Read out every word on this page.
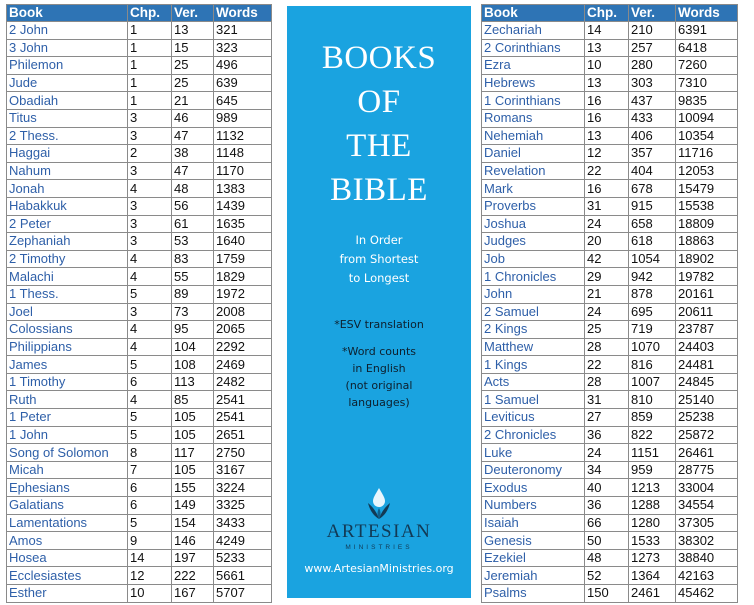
Book	Chp.	Ver.	Words
2 John	1	13	321
3 John	1	15	323
Philemon	1	25	496
Jude	1	25	639
Obadiah	1	21	645
Titus	3	46	989
2 Thess.	3	47	1132
Haggai	2	38	1148
Nahum	3	47	1170
Jonah	4	48	1383
Habakkuk	3	56	1439
2 Peter	3	61	1635
Zephaniah	3	53	1640
2 Timothy	4	83	1759
Malachi	4	55	1829
1 Thess.	5	89	1972
Joel	3	73	2008
Colossians	4	95	2065
Philippians	4	104	2292
James	5	108	2469
1 Timothy	6	113	2482
Ruth	4	85	2541
1 Peter	5	105	2541
1 John	5	105	2651
Song of Solomon	8	117	2750
Micah	7	105	3167
Ephesians	6	155	3224
Galatians	6	149	3325
Lamentations	5	154	3433
Amos	9	146	4249
Hosea	14	197	5233
Ecclesiastes	12	222	5661
Esther	10	167	5707
BOOKS
OF
THE
BIBLE
In Order
from Shortest
to Longest
*ESV translation
*Word counts
in English
(not original
languages)
ARTESIAN
MINISTRIES
www.ArtesianMinistries.org
Book	Chp.	Ver.	Words
Zechariah	14	210	6391
2 Corinthians	13	257	6418
Ezra	10	280	7260
Hebrews	13	303	7310
1 Corinthians	16	437	9835
Romans	16	433	10094
Nehemiah	13	406	10354
Daniel	12	357	11716
Revelation	22	404	12053
Mark	16	678	15479
Proverbs	31	915	15538
Joshua	24	658	18809
Judges	20	618	18863
Job	42	1054	18902
1 Chronicles	29	942	19782
John	21	878	20161
2 Samuel	24	695	20611
2 Kings	25	719	23787
Matthew	28	1070	24403
1 Kings	22	816	24481
Acts	28	1007	24845
1 Samuel	31	810	25140
Leviticus	27	859	25238
2 Chronicles	36	822	25872
Luke	24	1151	26461
Deuteronomy	34	959	28775
Exodus	40	1213	33004
Numbers	36	1288	34554
Isaiah	66	1280	37305
Genesis	50	1533	38302
Ezekiel	48	1273	38840
Jeremiah	52	1364	42163
Psalms	150	2461	45462
